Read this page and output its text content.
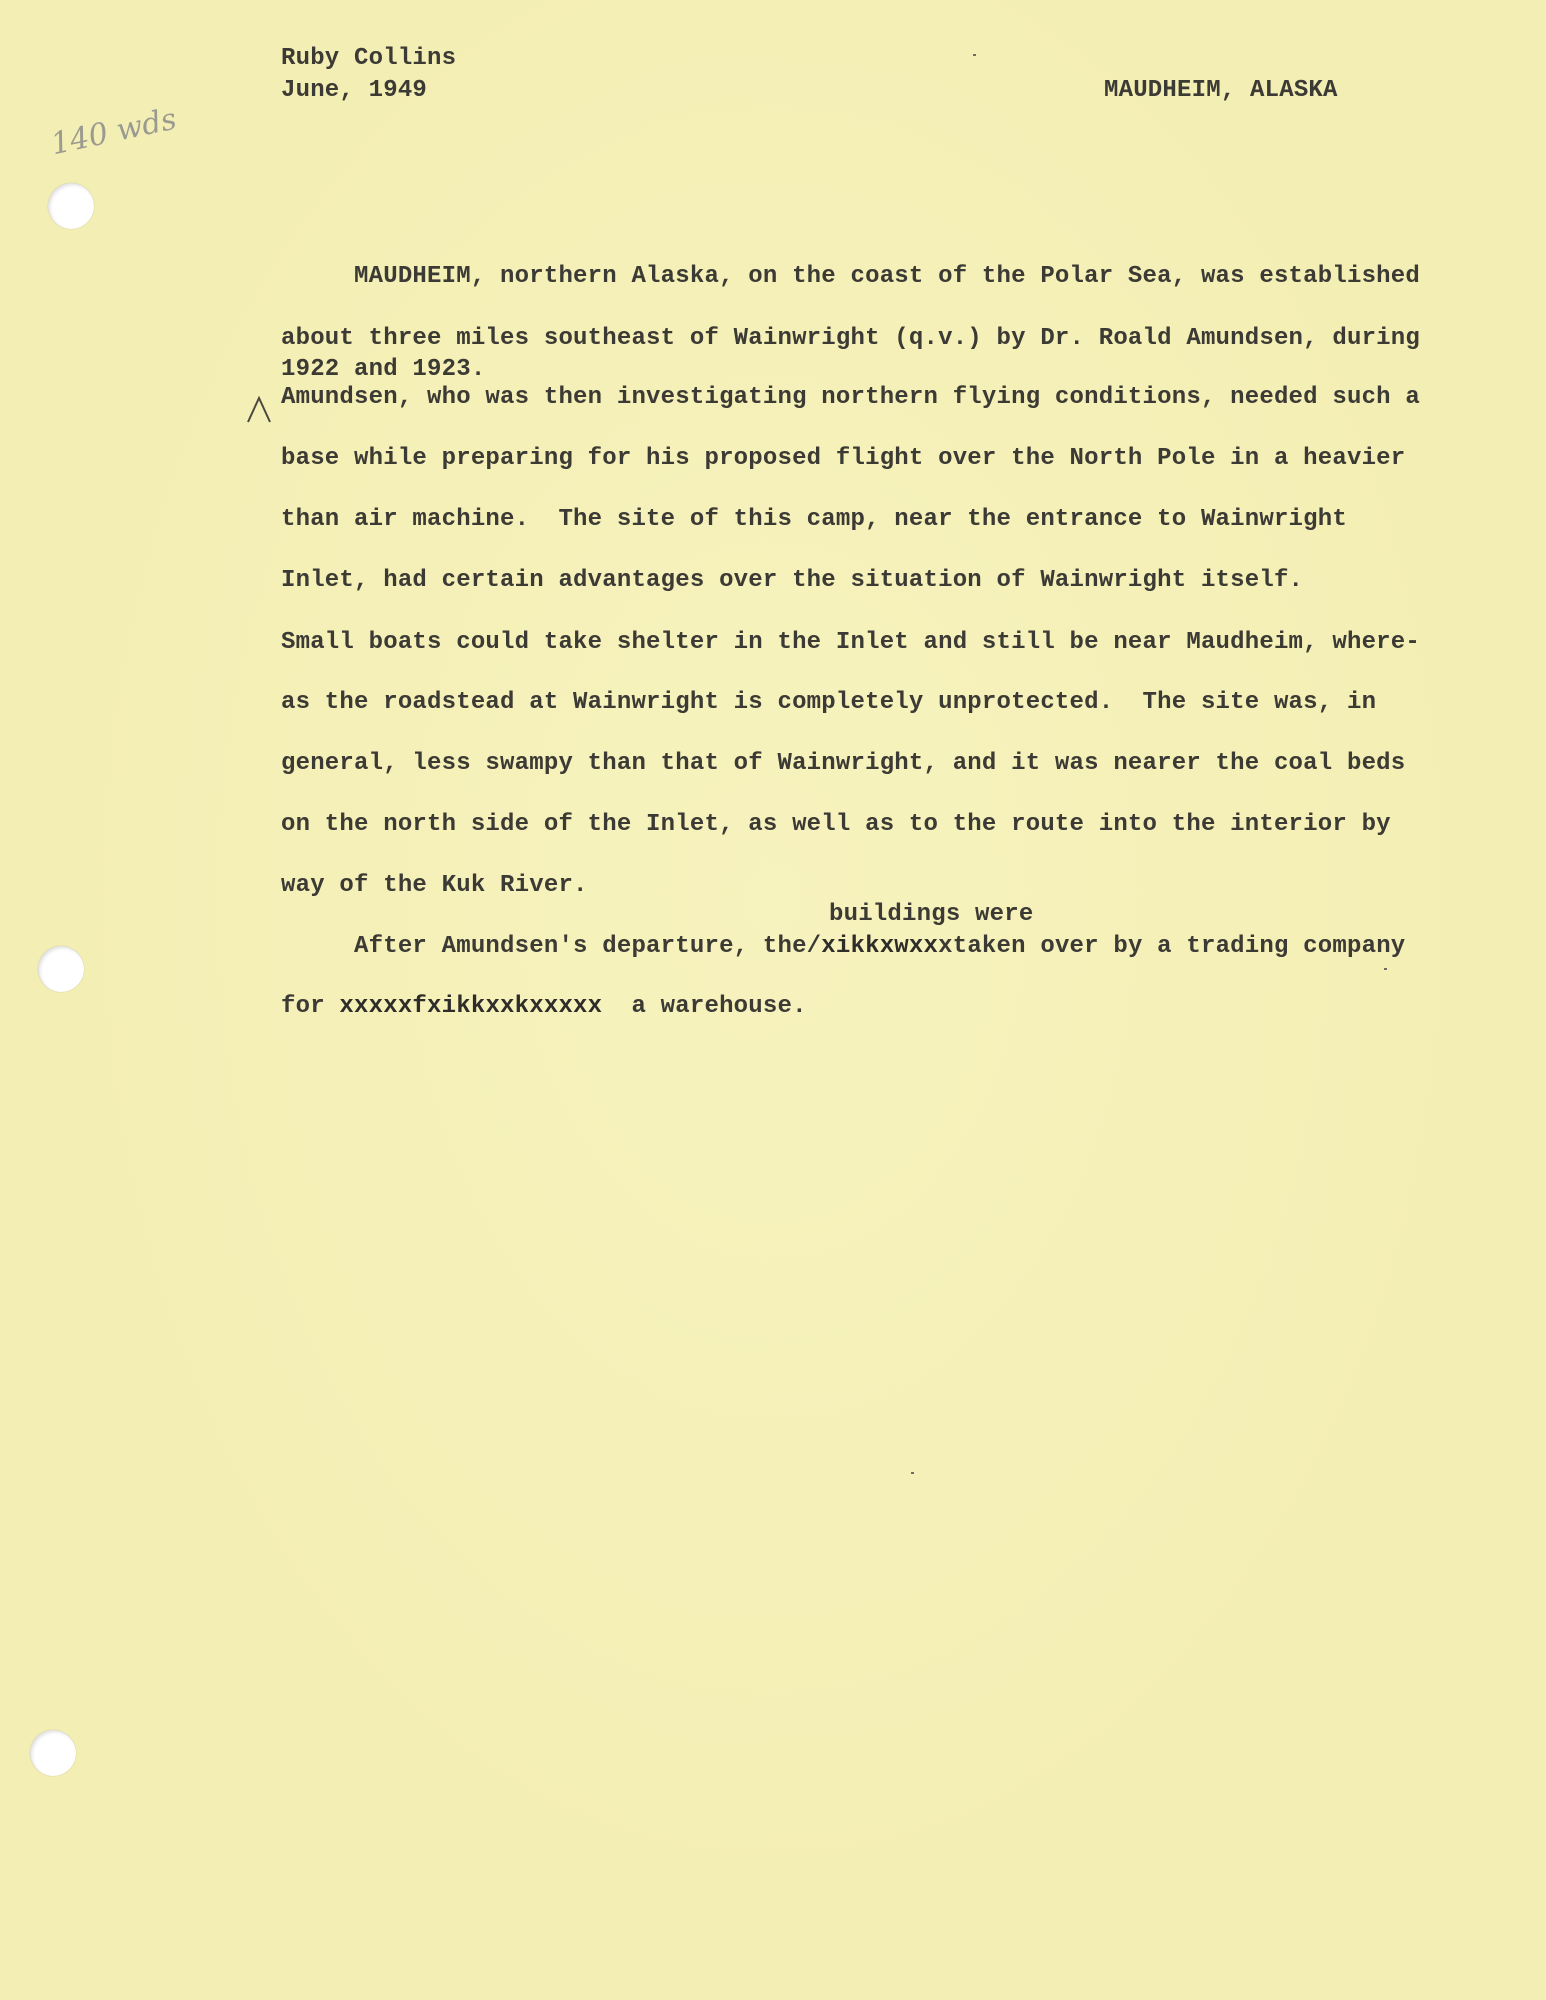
Ruby Collins
June, 1949	MAUDHEIM, ALASKA
140 wds
MAUDHEIM, northern Alaska, on the coast of the Polar Sea, was established
about three miles southeast of Wainwright (q.v.) by Dr. Roald Amundsen, during
1922 and 1923.
Amundsen, who was then investigating northern flying conditions, needed such a
base while preparing for his proposed flight over the North Pole in a heavier
than air machine.  The site of this camp, near the entrance to Wainwright
Inlet, had certain advantages over the situation of Wainwright itself.
Small boats could take shelter in the Inlet and still be near Maudheim, where-
as the roadstead at Wainwright is completely unprotected.  The site was, in
general, less swampy than that of Wainwright, and it was nearer the coal beds
on the north side of the Inlet, as well as to the route into the interior by
way of the Kuk River.
buildings were
After Amundsen's departure, the/xikkxwxxxtaken over by a trading company
for xxxxxfxikkxxkxxxxx  a warehouse.
